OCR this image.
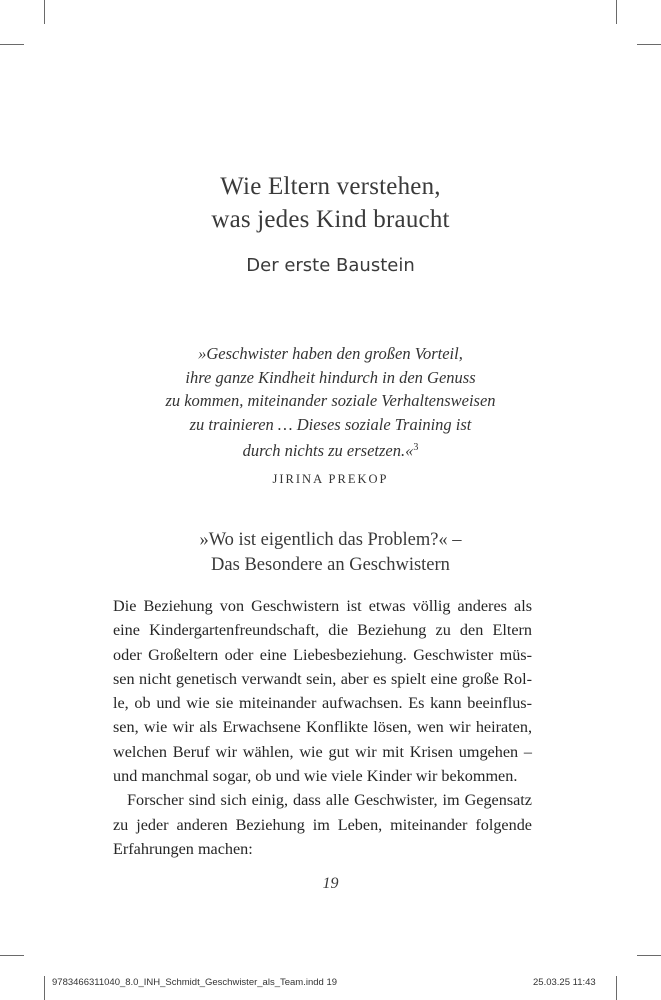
Wie Eltern verstehen,
was jedes Kind braucht
Der erste Baustein
»Geschwister haben den großen Vorteil,
ihre ganze Kindheit hindurch in den Genuss
zu kommen, miteinander soziale Verhaltensweisen
zu trainieren … Dieses soziale Training ist
durch nichts zu ersetzen.«$^3$
JIRINA PREKOP
»Wo ist eigentlich das Problem?« –
Das Besondere an Geschwistern
Die Beziehung von Geschwistern ist etwas völlig anderes als
eine Kindergartenfreundschaft, die Beziehung zu den Eltern
oder Großeltern oder eine Liebesbeziehung. Geschwister müs-
sen nicht genetisch verwandt sein, aber es spielt eine große Rol-
le, ob und wie sie miteinander aufwachsen. Es kann beeinflus-
sen, wie wir als Erwachsene Konflikte lösen, wen wir heiraten,
welchen Beruf wir wählen, wie gut wir mit Krisen umgehen –
und manchmal sogar, ob und wie viele Kinder wir bekommen.
Forscher sind sich einig, dass alle Geschwister, im Gegensatz
zu jeder anderen Beziehung im Leben, miteinander folgende
Erfahrungen machen:
19
9783466311040_8.0_INH_Schmidt_Geschwister_als_Team.indd 19	25.03.25 11:43
